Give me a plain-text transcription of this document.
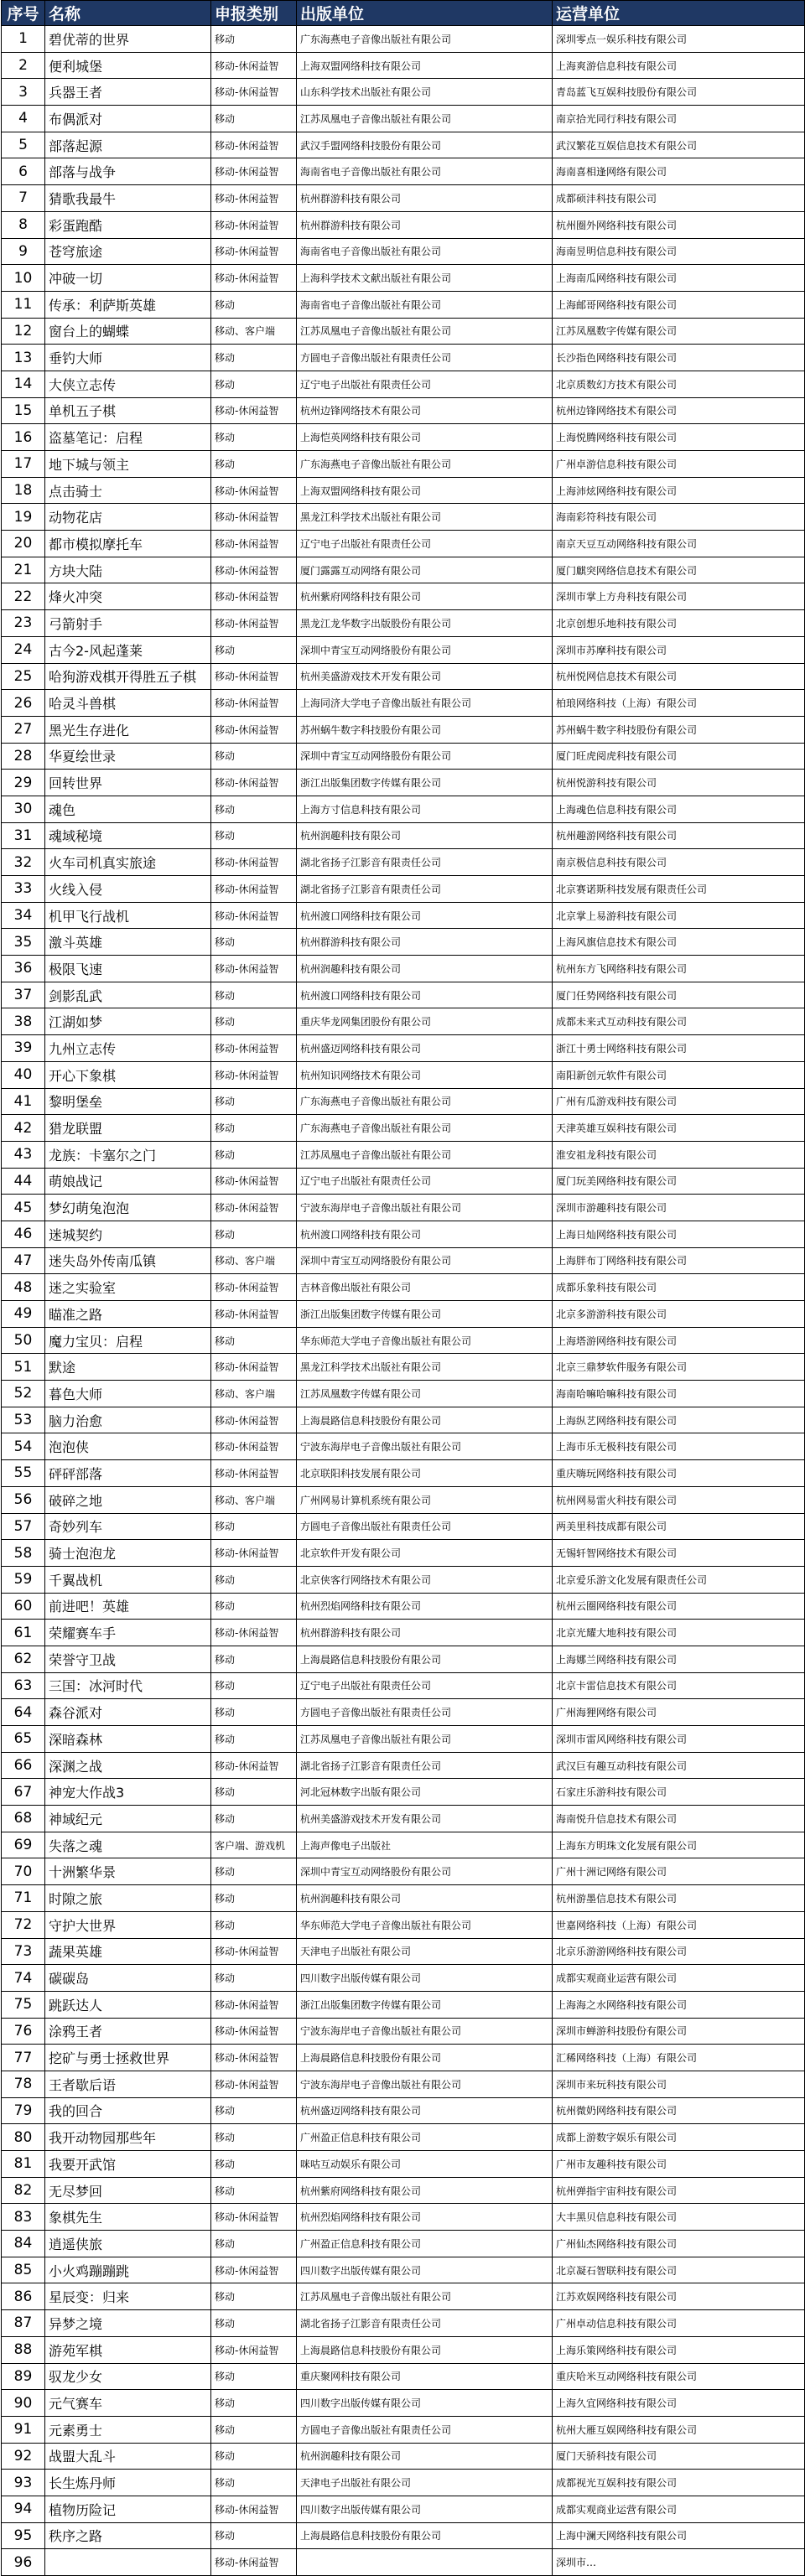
序号	名称	申报类别	出版单位	运营单位
1	碧优蒂的世界	移动	广东海燕电子音像出版社有限公司	深圳零点一娱乐科技有限公司
2	便利城堡	移动-休闲益智	上海双盟网络科技有限公司	上海爽游信息科技有限公司
3	兵器王者	移动-休闲益智	山东科学技术出版社有限公司	青岛蓝飞互娱科技股份有限公司
4	布偶派对	移动	江苏凤凰电子音像出版社有限公司	南京拾光同行科技有限公司
5	部落起源	移动-休闲益智	武汉手盟网络科技股份有限公司	武汉繁花互娱信息技术有限公司
6	部落与战争	移动-休闲益智	海南省电子音像出版社有限公司	海南喜相逢网络有限公司
7	猜歌我最牛	移动-休闲益智	杭州群游科技有限公司	成都硕沣科技有限公司
8	彩蛋跑酷	移动-休闲益智	杭州群游科技有限公司	杭州圈外网络科技有限公司
9	苍穹旅途	移动-休闲益智	海南省电子音像出版社有限公司	海南昱明信息科技有限公司
10	冲破一切	移动-休闲益智	上海科学技术文献出版社有限公司	上海南瓜网络科技有限公司
11	传承：利萨斯英雄	移动	海南省电子音像出版社有限公司	上海邮哥网络科技有限公司
12	窗台上的蝴蝶	移动、客户端	江苏凤凰电子音像出版社有限公司	江苏凤凰数字传媒有限公司
13	垂钓大师	移动	方圆电子音像出版社有限责任公司	长沙指色网络科技有限公司
14	大侠立志传	移动	辽宁电子出版社有限责任公司	北京质数幻方技术有限公司
15	单机五子棋	移动-休闲益智	杭州边锋网络技术有限公司	杭州边锋网络技术有限公司
16	盗墓笔记：启程	移动	上海恺英网络科技有限公司	上海悦腾网络科技有限公司
17	地下城与领主	移动	广东海燕电子音像出版社有限公司	广州卓游信息科技有限公司
18	点击骑士	移动-休闲益智	上海双盟网络科技有限公司	上海沛炫网络科技有限公司
19	动物花店	移动-休闲益智	黑龙江科学技术出版社有限公司	海南彩符科技有限公司
20	都市模拟摩托车	移动-休闲益智	辽宁电子出版社有限责任公司	南京天豆互动网络科技有限公司
21	方块大陆	移动-休闲益智	厦门露露互动网络有限公司	厦门麒突网络信息技术有限公司
22	烽火冲突	移动-休闲益智	杭州紫府网络科技有限公司	深圳市掌上方舟科技有限公司
23	弓箭射手	移动-休闲益智	黑龙江龙华数字出版股份有限公司	北京创想乐地科技有限公司
24	古今2-风起蓬莱	移动	深圳中青宝互动网络股份有限公司	深圳市苏摩科技有限公司
25	哈狗游戏棋开得胜五子棋	移动-休闲益智	杭州美盛游戏技术开发有限公司	杭州悦网信息技术有限公司
26	哈灵斗兽棋	移动-休闲益智	上海同济大学电子音像出版社有限公司	柏琅网络科技（上海）有限公司
27	黑光生存进化	移动-休闲益智	苏州蜗牛数字科技股份有限公司	苏州蜗牛数字科技股份有限公司
28	华夏绘世录	移动	深圳中青宝互动网络股份有限公司	厦门旺虎阅虎科技有限公司
29	回转世界	移动-休闲益智	浙江出版集团数字传媒有限公司	杭州悦游科技有限公司
30	魂色	移动	上海方寸信息科技有限公司	上海魂色信息科技有限公司
31	魂域秘境	移动	杭州润趣科技有限公司	杭州趣游网络科技有限公司
32	火车司机真实旅途	移动-休闲益智	湖北省扬子江影音有限责任公司	南京极信息科技有限公司
33	火线入侵	移动-休闲益智	湖北省扬子江影音有限责任公司	北京赛诺斯科技发展有限责任公司
34	机甲飞行战机	移动-休闲益智	杭州渡口网络科技有限公司	北京掌上易游科技有限公司
35	激斗英雄	移动	杭州群游科技有限公司	上海风旗信息技术有限公司
36	极限飞速	移动-休闲益智	杭州润趣科技有限公司	杭州东方飞网络科技有限公司
37	剑影乱武	移动	杭州渡口网络科技有限公司	厦门任势网络科技有限公司
38	江湖如梦	移动	重庆华龙网集团股份有限公司	成都未来式互动科技有限公司
39	九州立志传	移动-休闲益智	杭州盛迈网络科技有限公司	浙江十勇士网络科技有限公司
40	开心下象棋	移动-休闲益智	杭州知识网络技术有限公司	南阳新创元软件有限公司
41	黎明堡垒	移动	广东海燕电子音像出版社有限公司	广州有瓜游戏科技有限公司
42	猎龙联盟	移动	广东海燕电子音像出版社有限公司	天津英雄互娱科技有限公司
43	龙族：卡塞尔之门	移动	江苏凤凰电子音像出版社有限公司	淮安祖龙科技有限公司
44	萌娘战记	移动-休闲益智	辽宁电子出版社有限责任公司	厦门玩美网络科技有限公司
45	梦幻萌兔泡泡	移动-休闲益智	宁波东海岸电子音像出版社有限公司	深圳市游趣科技有限公司
46	迷城契约	移动	杭州渡口网络科技有限公司	上海日灿网络科技有限公司
47	迷失岛外传南瓜镇	移动、客户端	深圳中青宝互动网络股份有限公司	上海胖布丁网络科技有限公司
48	迷之实验室	移动-休闲益智	吉林音像出版社有限公司	成都乐象科技有限公司
49	瞄准之路	移动-休闲益智	浙江出版集团数字传媒有限公司	北京多游游科技有限公司
50	魔力宝贝：启程	移动	华东师范大学电子音像出版社有限公司	上海塔游网络科技有限公司
51	默途	移动-休闲益智	黑龙江科学技术出版社有限公司	北京三鼎梦软件服务有限公司
52	暮色大师	移动、客户端	江苏凤凰数字传媒有限公司	海南哈嘛哈嘛科技有限公司
53	脑力治愈	移动-休闲益智	上海晨路信息科技股份有限公司	上海纵艺网络科技有限公司
54	泡泡侠	移动-休闲益智	宁波东海岸电子音像出版社有限公司	上海市乐无极科技有限公司
55	砰砰部落	移动-休闲益智	北京联阳科技发展有限公司	重庆嗨玩网络科技有限公司
56	破碎之地	移动、客户端	广州网易计算机系统有限公司	杭州网易雷火科技有限公司
57	奇妙列车	移动	方圆电子音像出版社有限责任公司	两美里科技成都有限公司
58	骑士泡泡龙	移动-休闲益智	北京软件开发有限公司	无锡轩智网络技术有限公司
59	千翼战机	移动	北京侠客行网络技术有限公司	北京爱乐游文化发展有限责任公司
60	前进吧！英雄	移动	杭州烈焰网络科技有限公司	杭州云圈网络科技有限公司
61	荣耀赛车手	移动-休闲益智	杭州群游科技有限公司	北京光耀大地科技有限公司
62	荣誉守卫战	移动	上海晨路信息科技股份有限公司	上海娜兰网络科技有限公司
63	三国：冰河时代	移动	辽宁电子出版社有限责任公司	北京卡雷信息技术有限公司
64	森谷派对	移动	方圆电子音像出版社有限责任公司	广州海狸网络有限公司
65	深暗森林	移动	江苏凤凰电子音像出版社有限公司	深圳市雷风网络科技有限公司
66	深渊之战	移动-休闲益智	湖北省扬子江影音有限责任公司	武汉巨有趣互动科技有限公司
67	神宠大作战3	移动	河北冠林数字出版有限公司	石家庄乐游科技有限公司
68	神域纪元	移动	杭州美盛游戏技术开发有限公司	海南悦升信息技术有限公司
69	失落之魂	客户端、游戏机	上海声像电子出版社	上海东方明珠文化发展有限公司
70	十洲繁华景	移动	深圳中青宝互动网络股份有限公司	广州十洲记网络有限公司
71	时隙之旅	移动	杭州润趣科技有限公司	杭州游墨信息技术有限公司
72	守护大世界	移动	华东师范大学电子音像出版社有限公司	世嘉网络科技（上海）有限公司
73	蔬果英雄	移动-休闲益智	天津电子出版社有限公司	北京乐游游网络科技有限公司
74	碳碳岛	移动	四川数字出版传媒有限公司	成都实观商业运营有限公司
75	跳跃达人	移动-休闲益智	浙江出版集团数字传媒有限公司	上海海之水网络科技有限公司
76	涂鸦王者	移动-休闲益智	宁波东海岸电子音像出版社有限公司	深圳市蝉游科技股份有限公司
77	挖矿与勇士拯救世界	移动-休闲益智	上海晨路信息科技股份有限公司	汇稀网络科技（上海）有限公司
78	王者歇后语	移动-休闲益智	宁波东海岸电子音像出版社有限公司	深圳市来玩科技有限公司
79	我的回合	移动	杭州盛迈网络科技有限公司	杭州微奶网络科技有限公司
80	我开动物园那些年	移动	广州盈正信息科技有限公司	成都上游数字娱乐有限公司
81	我要开武馆	移动	咪咕互动娱乐有限公司	广州市友趣科技有限公司
82	无尽梦回	移动	杭州紫府网络科技有限公司	杭州弹指宇宙科技有限公司
83	象棋先生	移动-休闲益智	杭州烈焰网络科技有限公司	大丰黑贝信息科技有限公司
84	逍遥侠旅	移动	广州盈正信息科技有限公司	广州仙杰网络科技有限公司
85	小火鸡蹦蹦跳	移动-休闲益智	四川数字出版传媒有限公司	北京凝石智联科技有限公司
86	星辰变：归来	移动	江苏凤凰电子音像出版社有限公司	江苏欢娱网络科技有限公司
87	异梦之境	移动	湖北省扬子江影音有限责任公司	广州卓动信息科技有限公司
88	游苑军棋	移动-休闲益智	上海晨路信息科技股份有限公司	上海乐策网络科技有限公司
89	驭龙少女	移动	重庆聚网科技有限公司	重庆哈米互动网络科技有限公司
90	元气赛车	移动	四川数字出版传媒有限公司	上海久宜网络科技有限公司
91	元素勇士	移动	方圆电子音像出版社有限责任公司	杭州大雁互娱网络科技有限公司
92	战盟大乱斗	移动	杭州润趣科技有限公司	厦门天骄科技有限公司
93	长生炼丹师	移动	天津电子出版社有限公司	成都视光互娱科技有限公司
94	植物历险记	移动-休闲益智	四川数字出版传媒有限公司	成都实观商业运营有限公司
95	秩序之路	移动	上海晨路信息科技股份有限公司	上海中澜天网络科技有限公司
96		移动-休闲益智		深圳市…
